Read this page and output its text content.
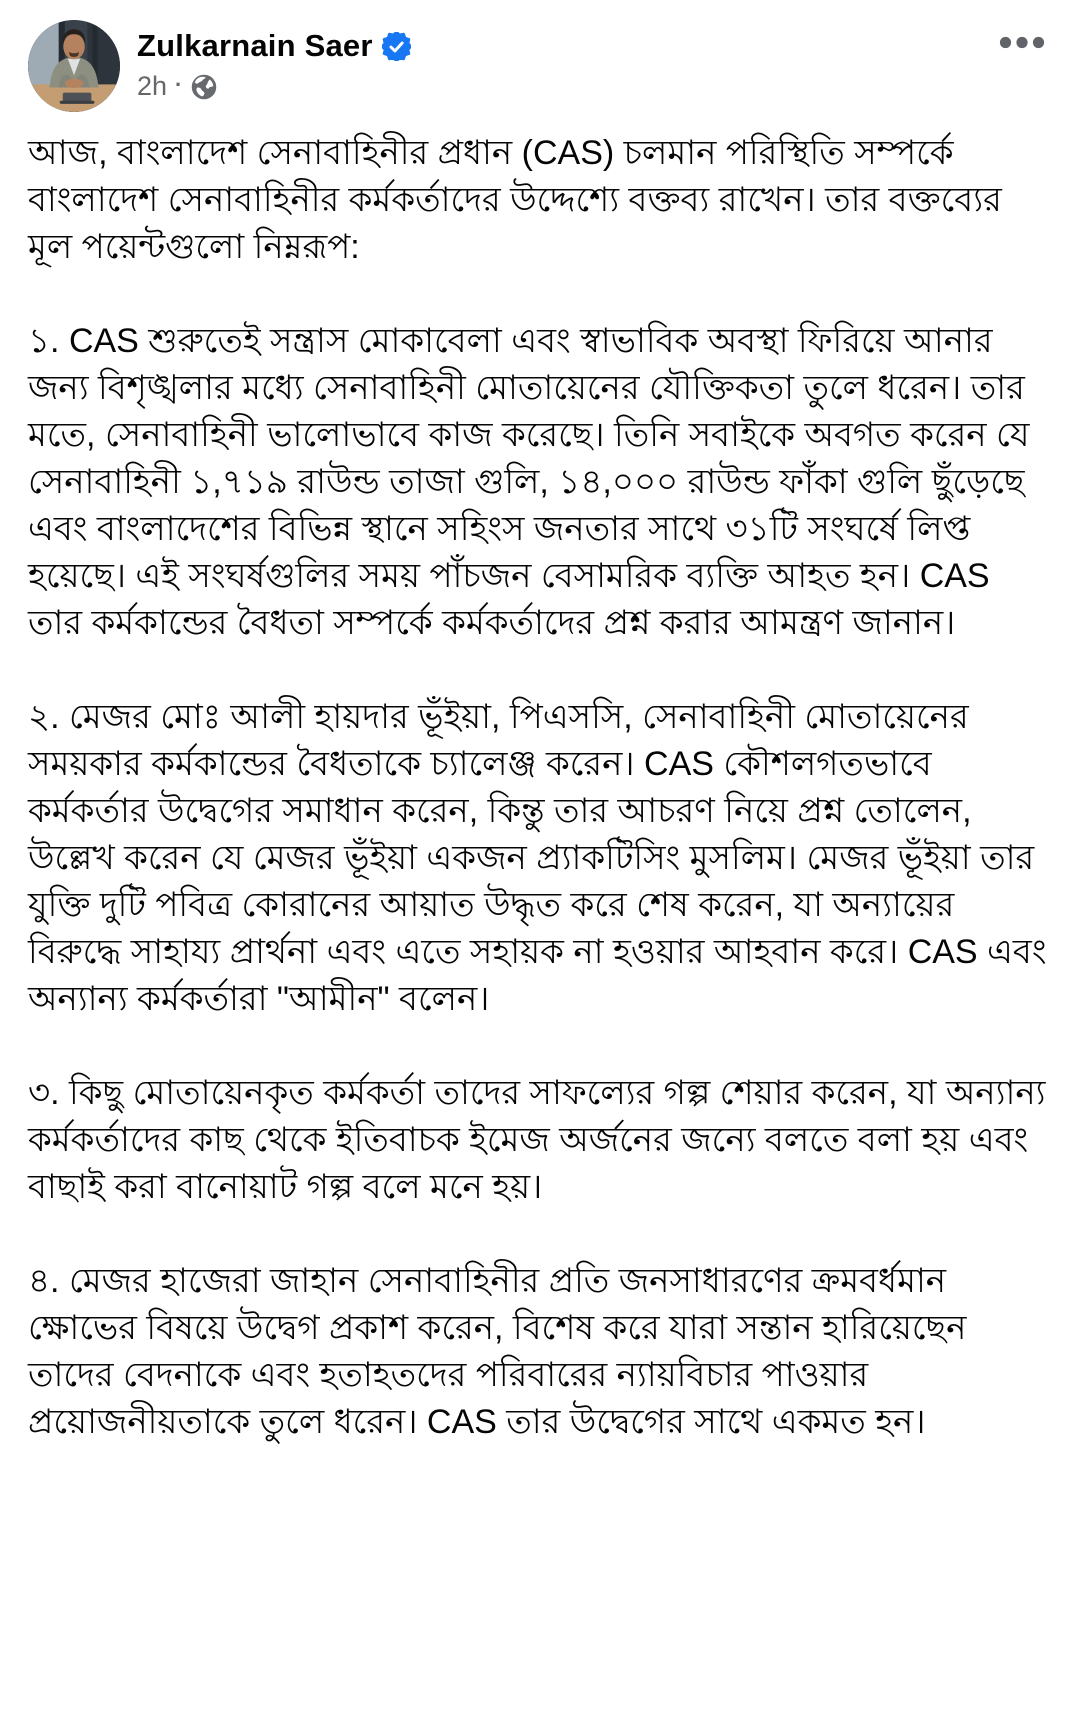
Zulkarnain Saer
2h ·

আজ, বাংলাদেশ সেনাবাহিনীর প্রধান (CAS) চলমান পরিস্থিতি সম্পর্কে বাংলাদেশ সেনাবাহিনীর কর্মকর্তাদের উদ্দেশ্যে বক্তব্য রাখেন। তার বক্তব্যের মূল পয়েন্টগুলো নিম্নরূপ:

১. CAS শুরুতেই সন্ত্রাস মোকাবেলা এবং স্বাভাবিক অবস্থা ফিরিয়ে আনার জন্য বিশৃঙ্খলার মধ্যে সেনাবাহিনী মোতায়েনের যৌক্তিকতা তুলে ধরেন। তার মতে, সেনাবাহিনী ভালোভাবে কাজ করেছে। তিনি সবাইকে অবগত করেন যে সেনাবাহিনী ১,৭১৯ রাউন্ড তাজা গুলি, ১৪,০০০ রাউন্ড ফাঁকা গুলি ছুঁড়েছে এবং বাংলাদেশের বিভিন্ন স্থানে সহিংস জনতার সাথে ৩১টি সংঘর্ষে লিপ্ত হয়েছে। এই সংঘর্ষগুলির সময় পাঁচজন বেসামরিক ব্যক্তি আহত হন। CAS তার কর্মকান্ডের বৈধতা সম্পর্কে কর্মকর্তাদের প্রশ্ন করার আমন্ত্রণ জানান।

২. মেজর মোঃ আলী হায়দার ভূঁইয়া, পিএসসি, সেনাবাহিনী মোতায়েনের সময়কার কর্মকান্ডের বৈধতাকে চ্যালেঞ্জ করেন। CAS কৌশলগতভাবে কর্মকর্তার উদ্বেগের সমাধান করেন, কিন্তু তার আচরণ নিয়ে প্রশ্ন তোলেন, উল্লেখ করেন যে মেজর ভূঁইয়া একজন প্র্যাকটিসিং মুসলিম। মেজর ভূঁইয়া তার যুক্তি দুটি পবিত্র কোরানের আয়াত উদ্ধৃত করে শেষ করেন, যা অন্যায়ের বিরুদ্ধে সাহায্য প্রার্থনা এবং এতে সহায়ক না হওয়ার আহবান করে। CAS এবং অন্যান্য কর্মকর্তারা "আমীন" বলেন।

৩. কিছু মোতায়েনকৃত কর্মকর্তা তাদের সাফল্যের গল্প শেয়ার করেন, যা অন্যান্য কর্মকর্তাদের কাছ থেকে ইতিবাচক ইমেজ অর্জনের জন্যে বলতে বলা হয় এবং বাছাই করা বানোয়াট গল্প বলে মনে হয়।

৪. মেজর হাজেরা জাহান সেনাবাহিনীর প্রতি জনসাধারণের ক্রমবর্ধমান ক্ষোভের বিষয়ে উদ্বেগ প্রকাশ করেন, বিশেষ করে যারা সন্তান হারিয়েছেন তাদের বেদনাকে এবং হতাহতদের পরিবারের ন্যায়বিচার পাওয়ার প্রয়োজনীয়তাকে তুলে ধরেন। CAS তার উদ্বেগের সাথে একমত হন।
